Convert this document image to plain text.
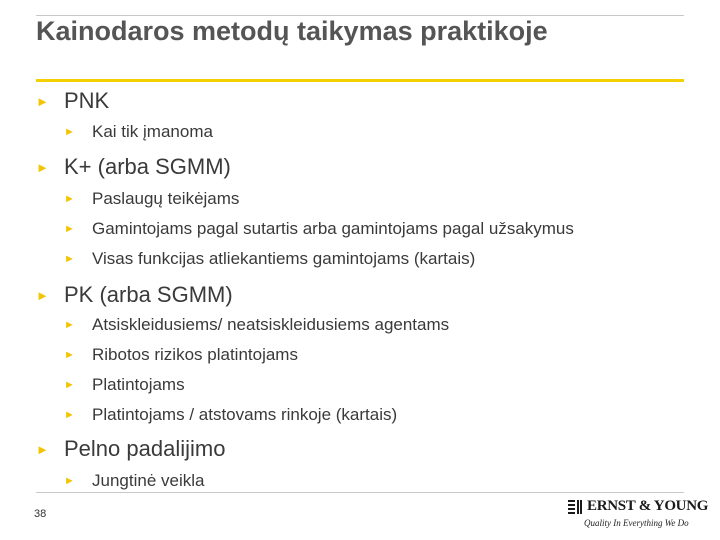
Kainodaros metodų taikymas praktikoje
► PNK
► Kai tik įmanoma
► K+ (arba SGMM)
► Paslaugų teikėjams
► Gamintojams pagal sutartis arba gamintojams pagal užsakymus
► Visas funkcijas atliekantiems gamintojams (kartais)
► PK (arba SGMM)
► Atsiskleidusiems/ neatsiskleidusiems agentams
► Ribotos rizikos platintojams
► Platintojams
► Platintojams / atstovams rinkoje (kartais)
► Pelno padalijimo
► Jungtinė veikla
38	ERNST & YOUNG
Quality In Everything We Do
